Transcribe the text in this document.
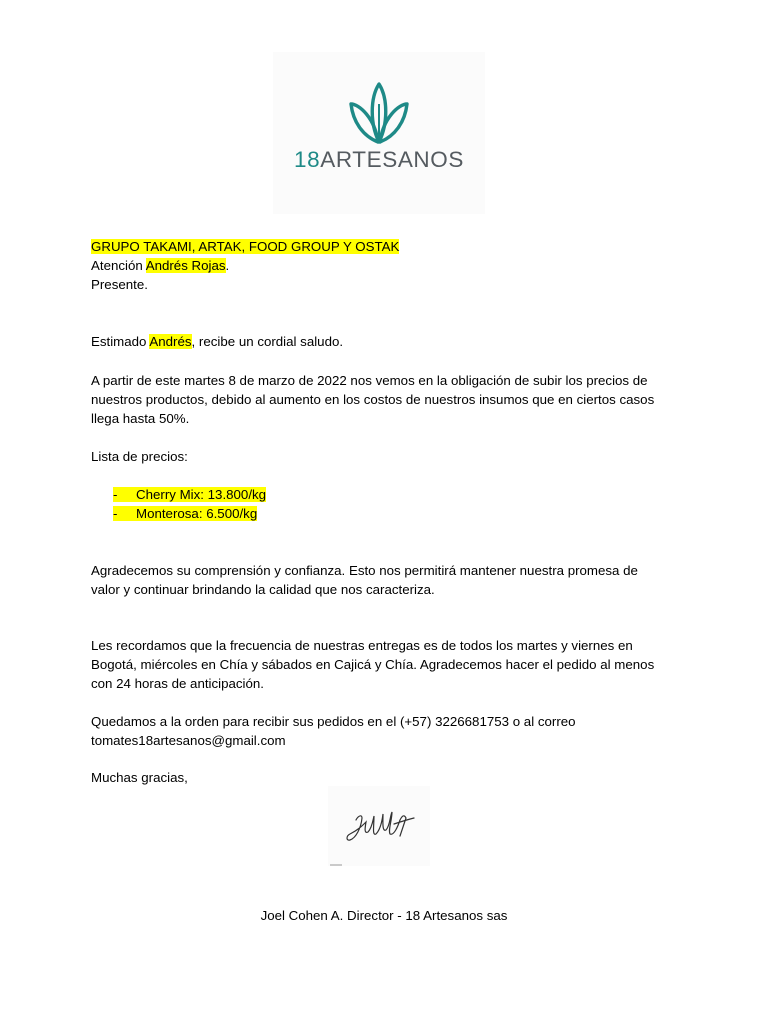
18ARTESANOS
GRUPO TAKAMI, ARTAK, FOOD GROUP Y OSTAK
Atención Andrés Rojas.
Presente.
Estimado Andrés, recibe un cordial saludo.
A partir de este martes 8 de marzo de 2022 nos vemos en la obligación de subir los precios de
nuestros productos, debido al aumento en los costos de nuestros insumos que en ciertos casos
llega hasta 50%.
Lista de precios:
- Cherry Mix: 13.800/kg
- Monterosa: 6.500/kg
Agradecemos su comprensión y confianza. Esto nos permitirá mantener nuestra promesa de
valor y continuar brindando la calidad que nos caracteriza.
Les recordamos que la frecuencia de nuestras entregas es de todos los martes y viernes en
Bogotá, miércoles en Chía y sábados en Cajicá y Chía. Agradecemos hacer el pedido al menos
con 24 horas de anticipación.
Quedamos a la orden para recibir sus pedidos en el (+57) 3226681753 o al correo
tomates18artesanos@gmail.com
Muchas gracias,
Joel Cohen A. Director - 18 Artesanos sas
